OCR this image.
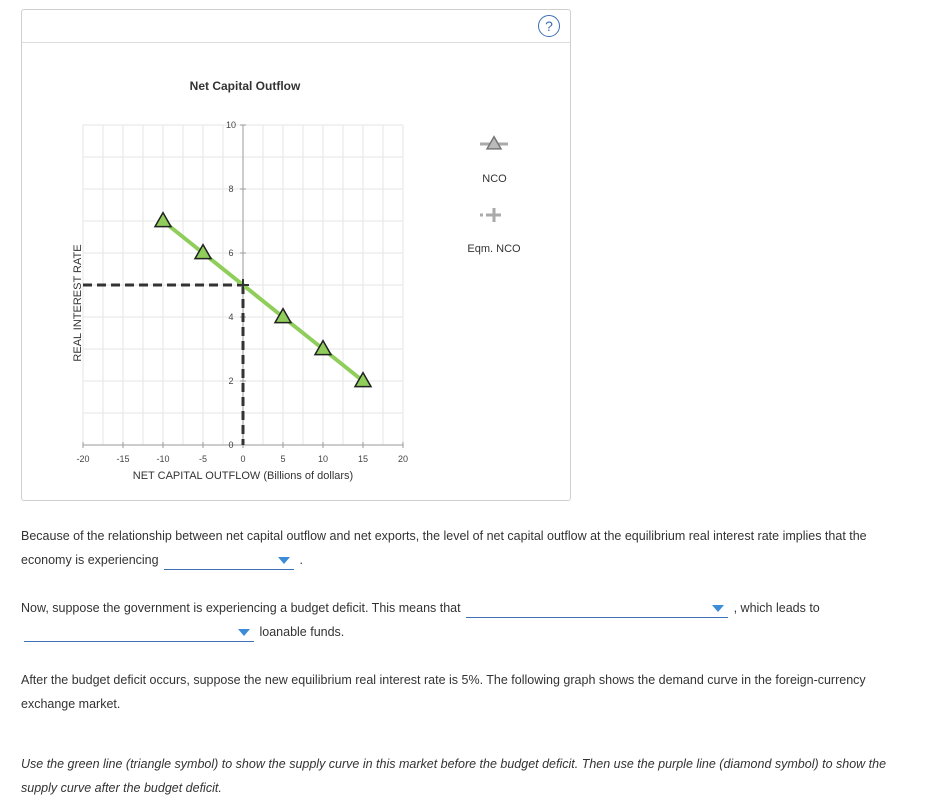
?
Net Capital Outflow
REAL INTEREST RATE
NET CAPITAL OUTFLOW (Billions of dollars)
-20	-15	-10	-5	0	5	10	15	20
0
2
4
6
8
10
NCO
Eqm. NCO
Because of the relationship between net capital outflow and net exports, the level of net capital outflow at the equilibrium real interest rate implies that the economy is experiencing	.
Now, suppose the government is experiencing a budget deficit. This means that	, which leads to

loanable funds.
After the budget deficit occurs, suppose the new equilibrium real interest rate is 5%. The following graph shows the demand curve in the foreign-currency exchange market.
Use the green line (triangle symbol) to show the supply curve in this market before the budget deficit. Then use the purple line (diamond symbol) to show the supply curve after the budget deficit.
